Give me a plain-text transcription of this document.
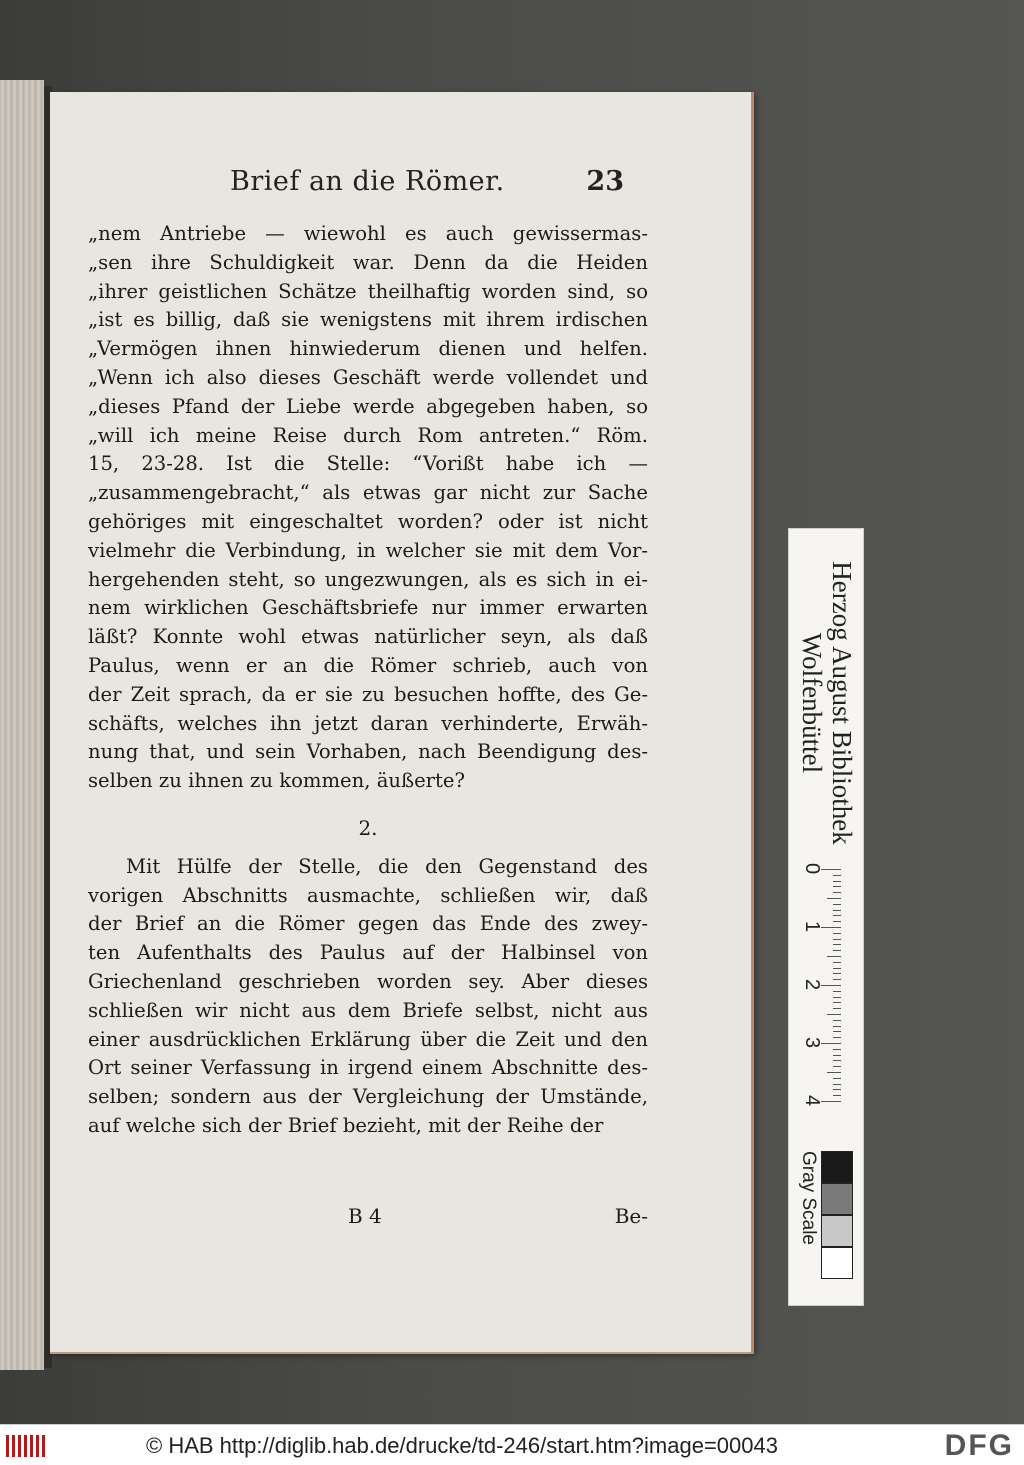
Brief an die Römer.	23
„nem Antriebe — wiewohl es auch gewissermas-
„sen ihre Schuldigkeit war. Denn da die Heiden
„ihrer geistlichen Schätze theilhaftig worden sind, so
„ist es billig, daß sie wenigstens mit ihrem irdischen
„Vermögen ihnen hinwiederum dienen und helfen.
„Wenn ich also dieses Geschäft werde vollendet und
„dieses Pfand der Liebe werde abgegeben haben, so
„will ich meine Reise durch Rom antreten.“ Röm.
15, 23-28. Ist die Stelle: “Vorißt habe ich —
„zusammengebracht,“ als etwas gar nicht zur Sache
gehöriges mit eingeschaltet worden? oder ist nicht
vielmehr die Verbindung, in welcher sie mit dem Vor-
hergehenden steht, so ungezwungen, als es sich in ei-
nem wirklichen Geschäftsbriefe nur immer erwarten
läßt? Konnte wohl etwas natürlicher seyn, als daß
Paulus, wenn er an die Römer schrieb, auch von
der Zeit sprach, da er sie zu besuchen hoffte, des Ge-
schäfts, welches ihn jetzt daran verhinderte, Erwäh-
nung that, und sein Vorhaben, nach Beendigung des-
selben zu ihnen zu kommen, äußerte?
2.
Mit Hülfe der Stelle, die den Gegenstand des
vorigen Abschnitts ausmachte, schließen wir, daß
der Brief an die Römer gegen das Ende des zwey-
ten Aufenthalts des Paulus auf der Halbinsel von
Griechenland geschrieben worden sey. Aber dieses
schließen wir nicht aus dem Briefe selbst, nicht aus
einer ausdrücklichen Erklärung über die Zeit und den
Ort seiner Verfassung in irgend einem Abschnitte des-
selben; sondern aus der Vergleichung der Umstände,
auf welche sich der Brief bezieht, mit der Reihe der
B 4	Be-
Herzog August Bibliothek
Wolfenbüttel
0
1
2
3
4
Gray Scale
© HAB http://diglib.hab.de/drucke/td-246/start.htm?image=00043	DFG
